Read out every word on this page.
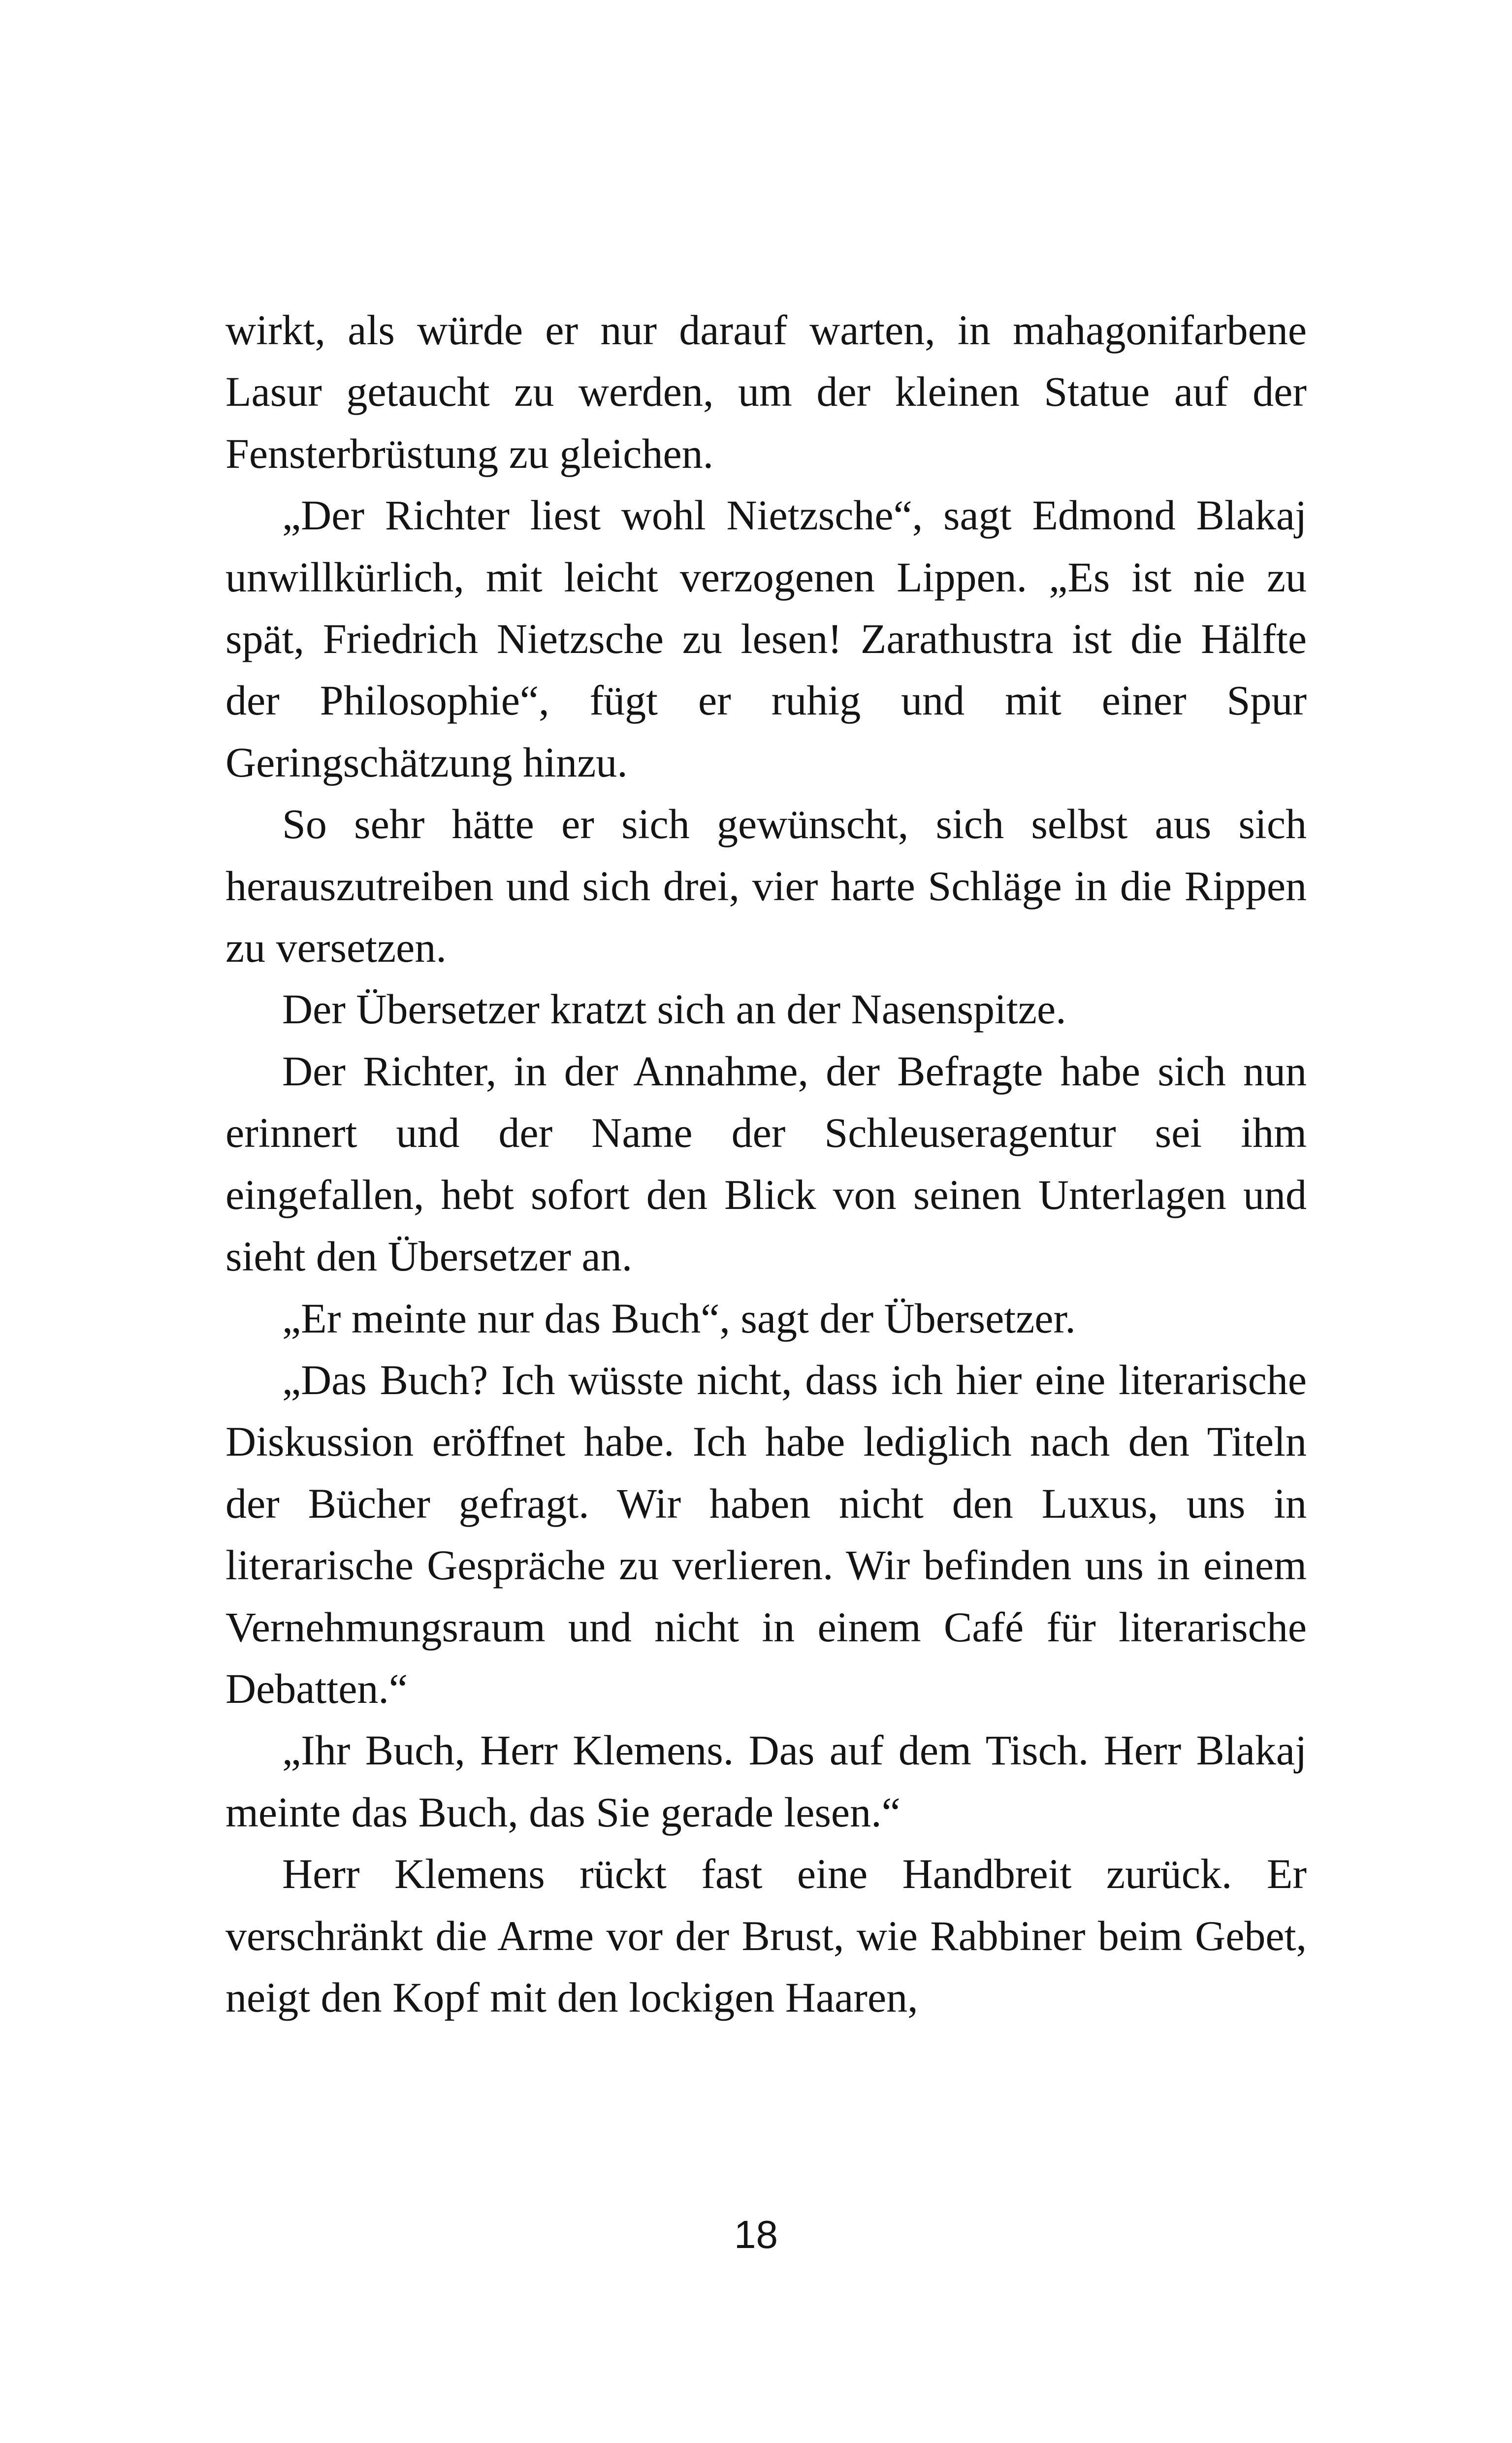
wirkt, als würde er nur darauf warten, in mahagonifarbene Lasur getaucht zu werden, um der kleinen Statue auf der Fensterbrüstung zu gleichen.

„Der Richter liest wohl Nietzsche“, sagt Edmond Blakaj unwillkürlich, mit leicht verzogenen Lippen. „Es ist nie zu spät, Friedrich Nietzsche zu lesen! Zarathustra ist die Hälfte der Philosophie“, fügt er ruhig und mit einer Spur Geringschätzung hinzu.

So sehr hätte er sich gewünscht, sich selbst aus sich herauszutreiben und sich drei, vier harte Schläge in die Rippen zu versetzen.

Der Übersetzer kratzt sich an der Nasenspitze.

Der Richter, in der Annahme, der Befragte habe sich nun erinnert und der Name der Schleuseragentur sei ihm eingefallen, hebt sofort den Blick von seinen Unterlagen und sieht den Übersetzer an.

„Er meinte nur das Buch“, sagt der Übersetzer.

„Das Buch? Ich wüsste nicht, dass ich hier eine literarische Diskussion eröffnet habe. Ich habe lediglich nach den Titeln der Bücher gefragt. Wir haben nicht den Luxus, uns in literarische Gespräche zu verlieren. Wir befinden uns in einem Vernehmungsraum und nicht in einem Café für literarische Debatten.“

„Ihr Buch, Herr Klemens. Das auf dem Tisch. Herr Blakaj meinte das Buch, das Sie gerade lesen.“

Herr Klemens rückt fast eine Handbreit zurück. Er verschränkt die Arme vor der Brust, wie Rabbiner beim Gebet, neigt den Kopf mit den lockigen Haaren,

18
